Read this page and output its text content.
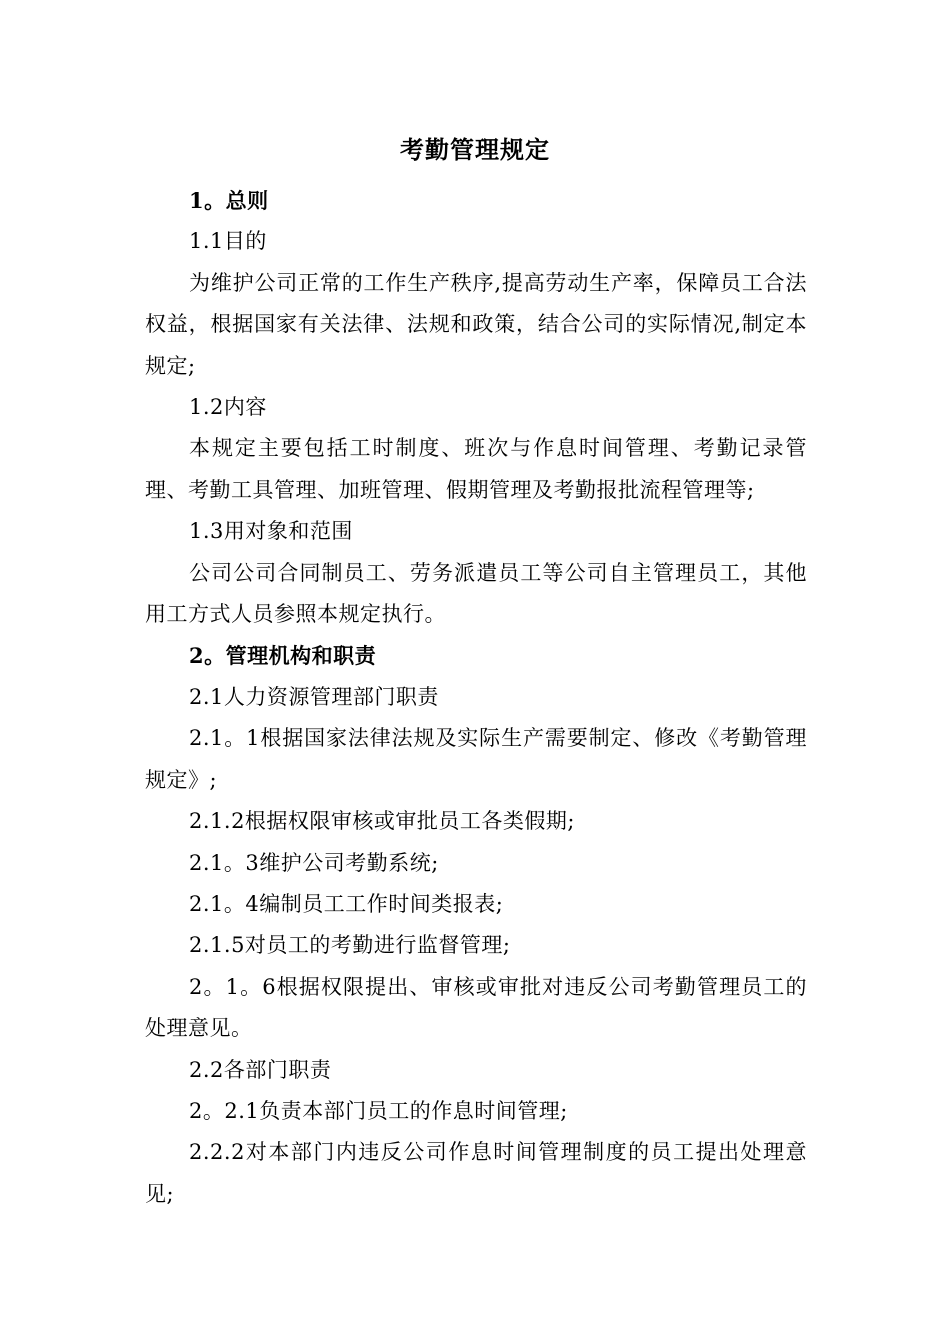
考勤管理规定

1。总则

1.1目的

为维护公司正常的工作生产秩序,提高劳动生产率，保障员工合法权益，根据国家有关法律、法规和政策，结合公司的实际情况,制定本规定;

1.2内容

本规定主要包括工时制度、班次与作息时间管理、考勤记录管理、考勤工具管理、加班管理、假期管理及考勤报批流程管理等;

1.3用对象和范围

公司公司合同制员工、劳务派遣员工等公司自主管理员工，其他用工方式人员参照本规定执行。

2。管理机构和职责

2.1人力资源管理部门职责

2.1。1根据国家法律法规及实际生产需要制定、修改《考勤管理规定》;

2.1.2根据权限审核或审批员工各类假期;

2.1。3维护公司考勤系统;

2.1。4编制员工工作时间类报表;

2.1.5对员工的考勤进行监督管理;

2。1。6根据权限提出、审核或审批对违反公司考勤管理员工的处理意见。

2.2各部门职责

2。2.1负责本部门员工的作息时间管理;

2.2.2对本部门内违反公司作息时间管理制度的员工提出处理意见;
